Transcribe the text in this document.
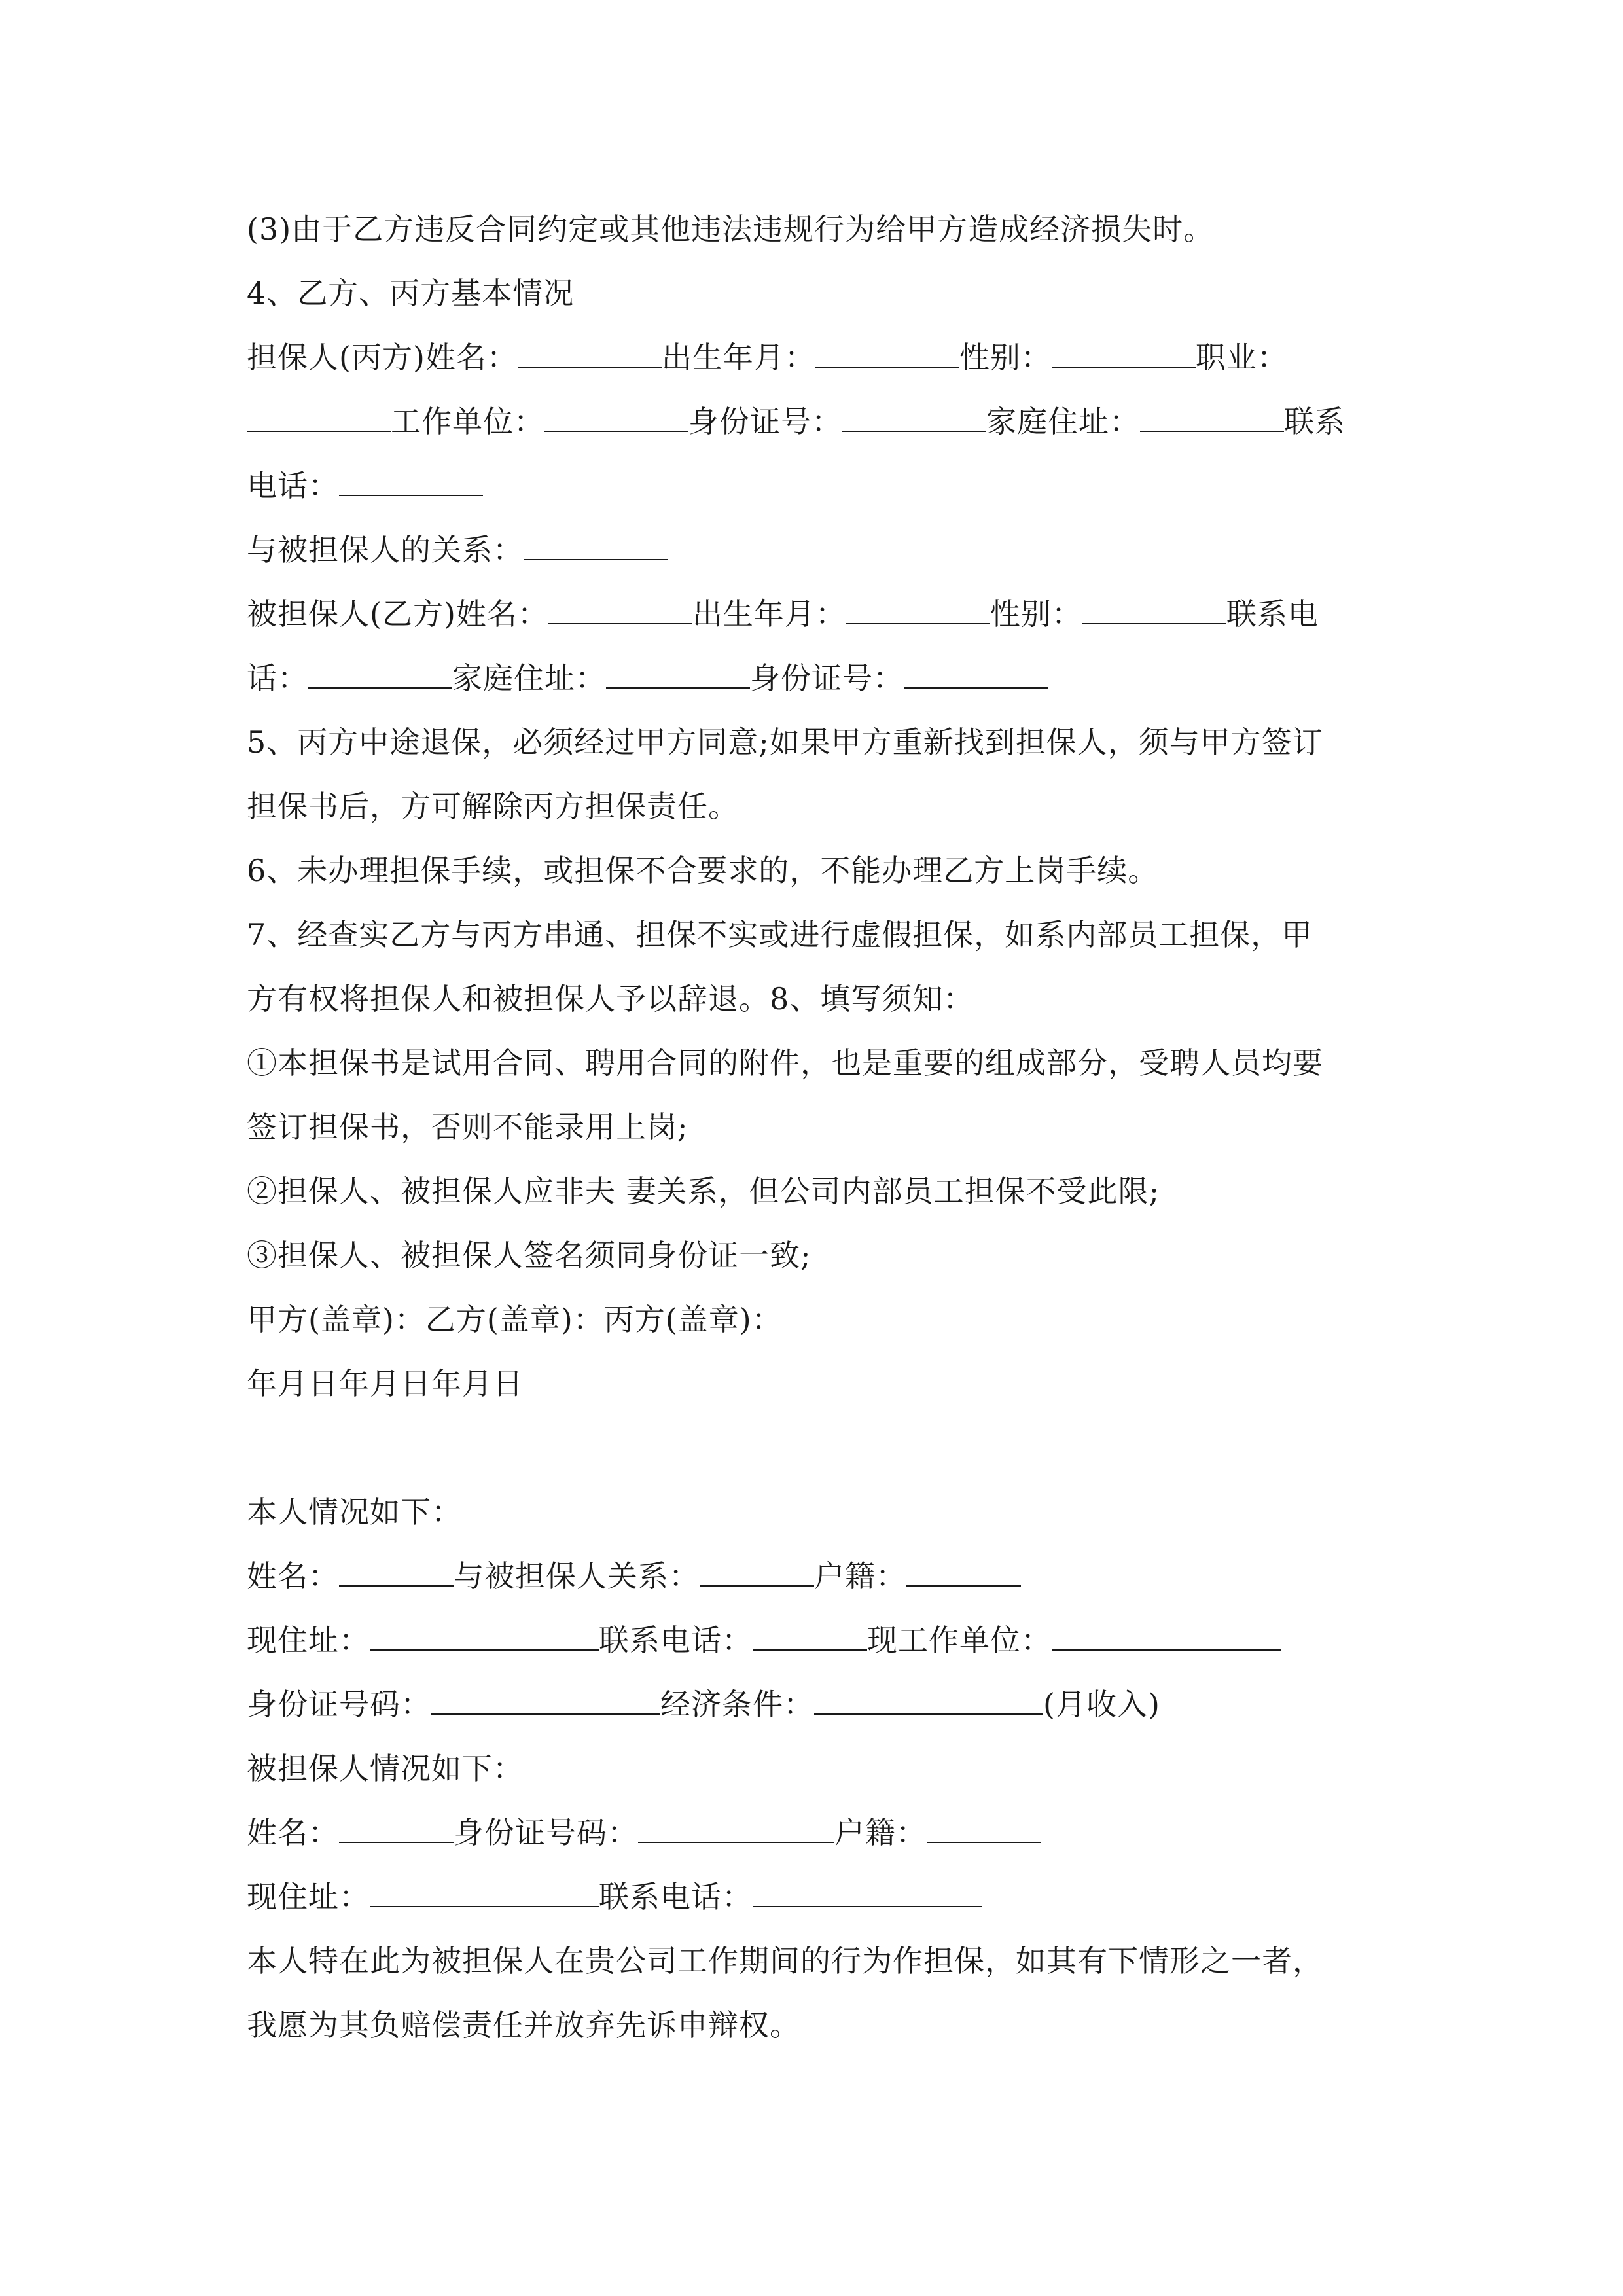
(3)由于乙方违反合同约定或其他违法违规行为给甲方造成经济损失时。
4、乙方、丙方基本情况
担保人(丙方)姓名：	出生年月：	性别：	职业：
工作单位：	身份证号：	家庭住址：	联系
电话：
与被担保人的关系：
被担保人(乙方)姓名：	出生年月：	性别：	联系电
话：	家庭住址：	身份证号：
5、丙方中途退保，必须经过甲方同意;如果甲方重新找到担保人，须与甲方签订
担保书后，方可解除丙方担保责任。
6、未办理担保手续，或担保不合要求的，不能办理乙方上岗手续。
7、经查实乙方与丙方串通、担保不实或进行虚假担保，如系内部员工担保，甲
方有权将担保人和被担保人予以辞退。8、填写须知：
①本担保书是试用合同、聘用合同的附件，也是重要的组成部分，受聘人员均要
签订担保书，否则不能录用上岗;
②担保人、被担保人应非夫 妻关系，但公司内部员工担保不受此限;
③担保人、被担保人签名须同身份证一致;
甲方(盖章)：乙方(盖章)：丙方(盖章)：
年月日年月日年月日
本人情况如下：
姓名：	与被担保人关系：	户籍：
现住址：	联系电话：	现工作单位：
身份证号码：	经济条件：	(月收入)
被担保人情况如下：
姓名：	身份证号码：	户籍：
现住址：	联系电话：
本人特在此为被担保人在贵公司工作期间的行为作担保，如其有下情形之一者，
我愿为其负赔偿责任并放弃先诉申辩权。
